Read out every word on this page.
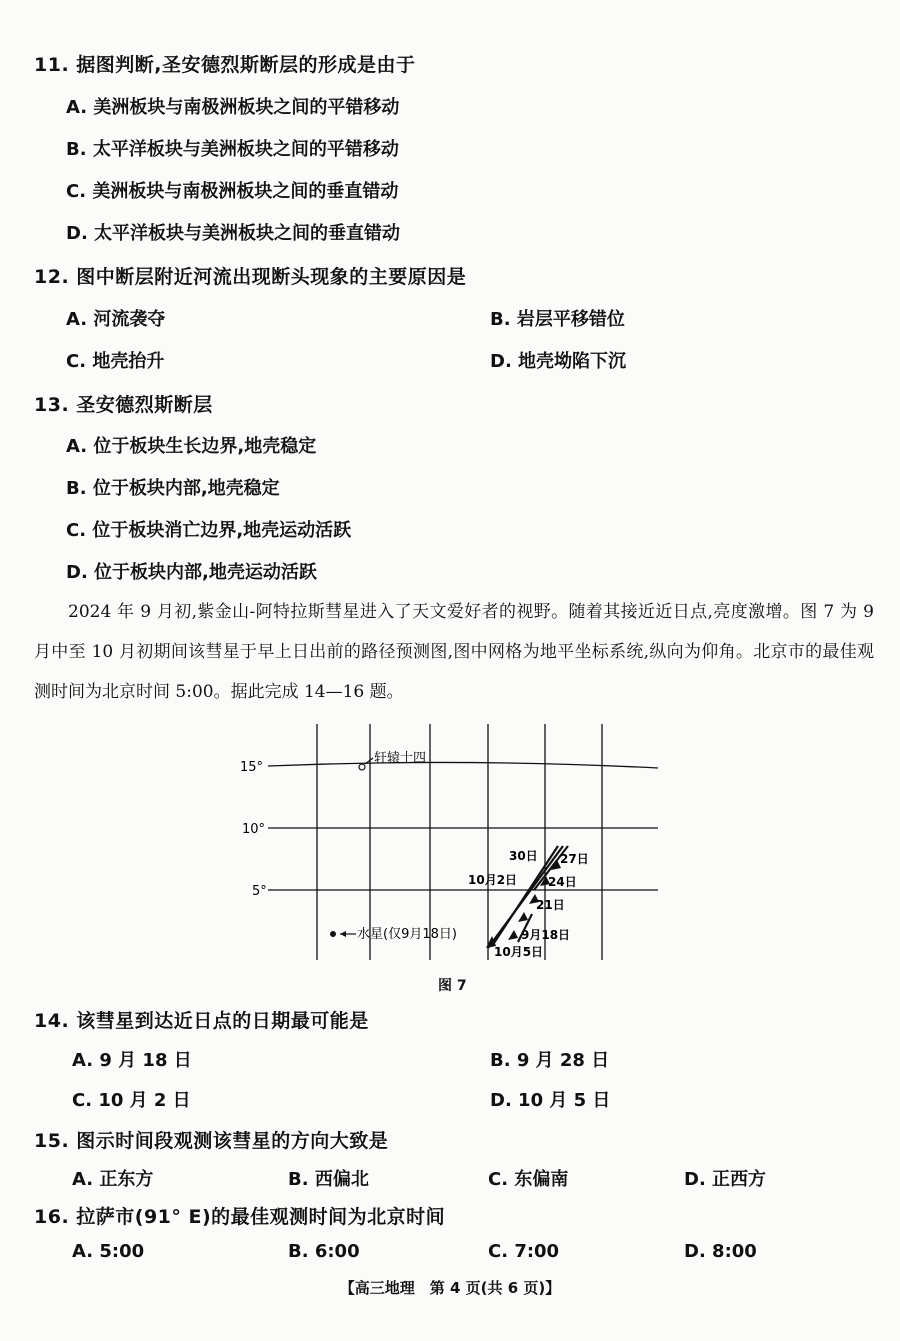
11. 据图判断,圣安德烈斯断层的形成是由于
A. 美洲板块与南极洲板块之间的平错移动
B. 太平洋板块与美洲板块之间的平错移动
C. 美洲板块与南极洲板块之间的垂直错动
D. 太平洋板块与美洲板块之间的垂直错动
12. 图中断层附近河流出现断头现象的主要原因是
A. 河流袭夺	B. 岩层平移错位
C. 地壳抬升	D. 地壳坳陷下沉
13. 圣安德烈斯断层
A. 位于板块生长边界,地壳稳定
B. 位于板块内部,地壳稳定
C. 位于板块消亡边界,地壳运动活跃
D. 位于板块内部,地壳运动活跃
2024 年 9 月初,紫金山-阿特拉斯彗星进入了天文爱好者的视野。随着其接近近日点,亮度激增。图 7 为 9 月中至 10 月初期间该彗星于早上日出前的路径预测图,图中网格为地平坐标系统,纵向为仰角。北京市的最佳观测时间为北京时间 5:00。据此完成 14—16 题。
15°
10°
5°
轩辕十四
水星(仅9月18日)
30日 27日
10月2日	24日
21日
9月18日
10月5日
图 7
14. 该彗星到达近日点的日期最可能是
A. 9 月 18 日	B. 9 月 28 日
C. 10 月 2 日	D. 10 月 5 日
15. 图示时间段观测该彗星的方向大致是
A. 正东方	B. 西偏北	C. 东偏南	D. 正西方
16. 拉萨市(91° E)的最佳观测时间为北京时间
A. 5:00	B. 6:00	C. 7:00	D. 8:00
【高三地理　第 4 页(共 6 页)】
